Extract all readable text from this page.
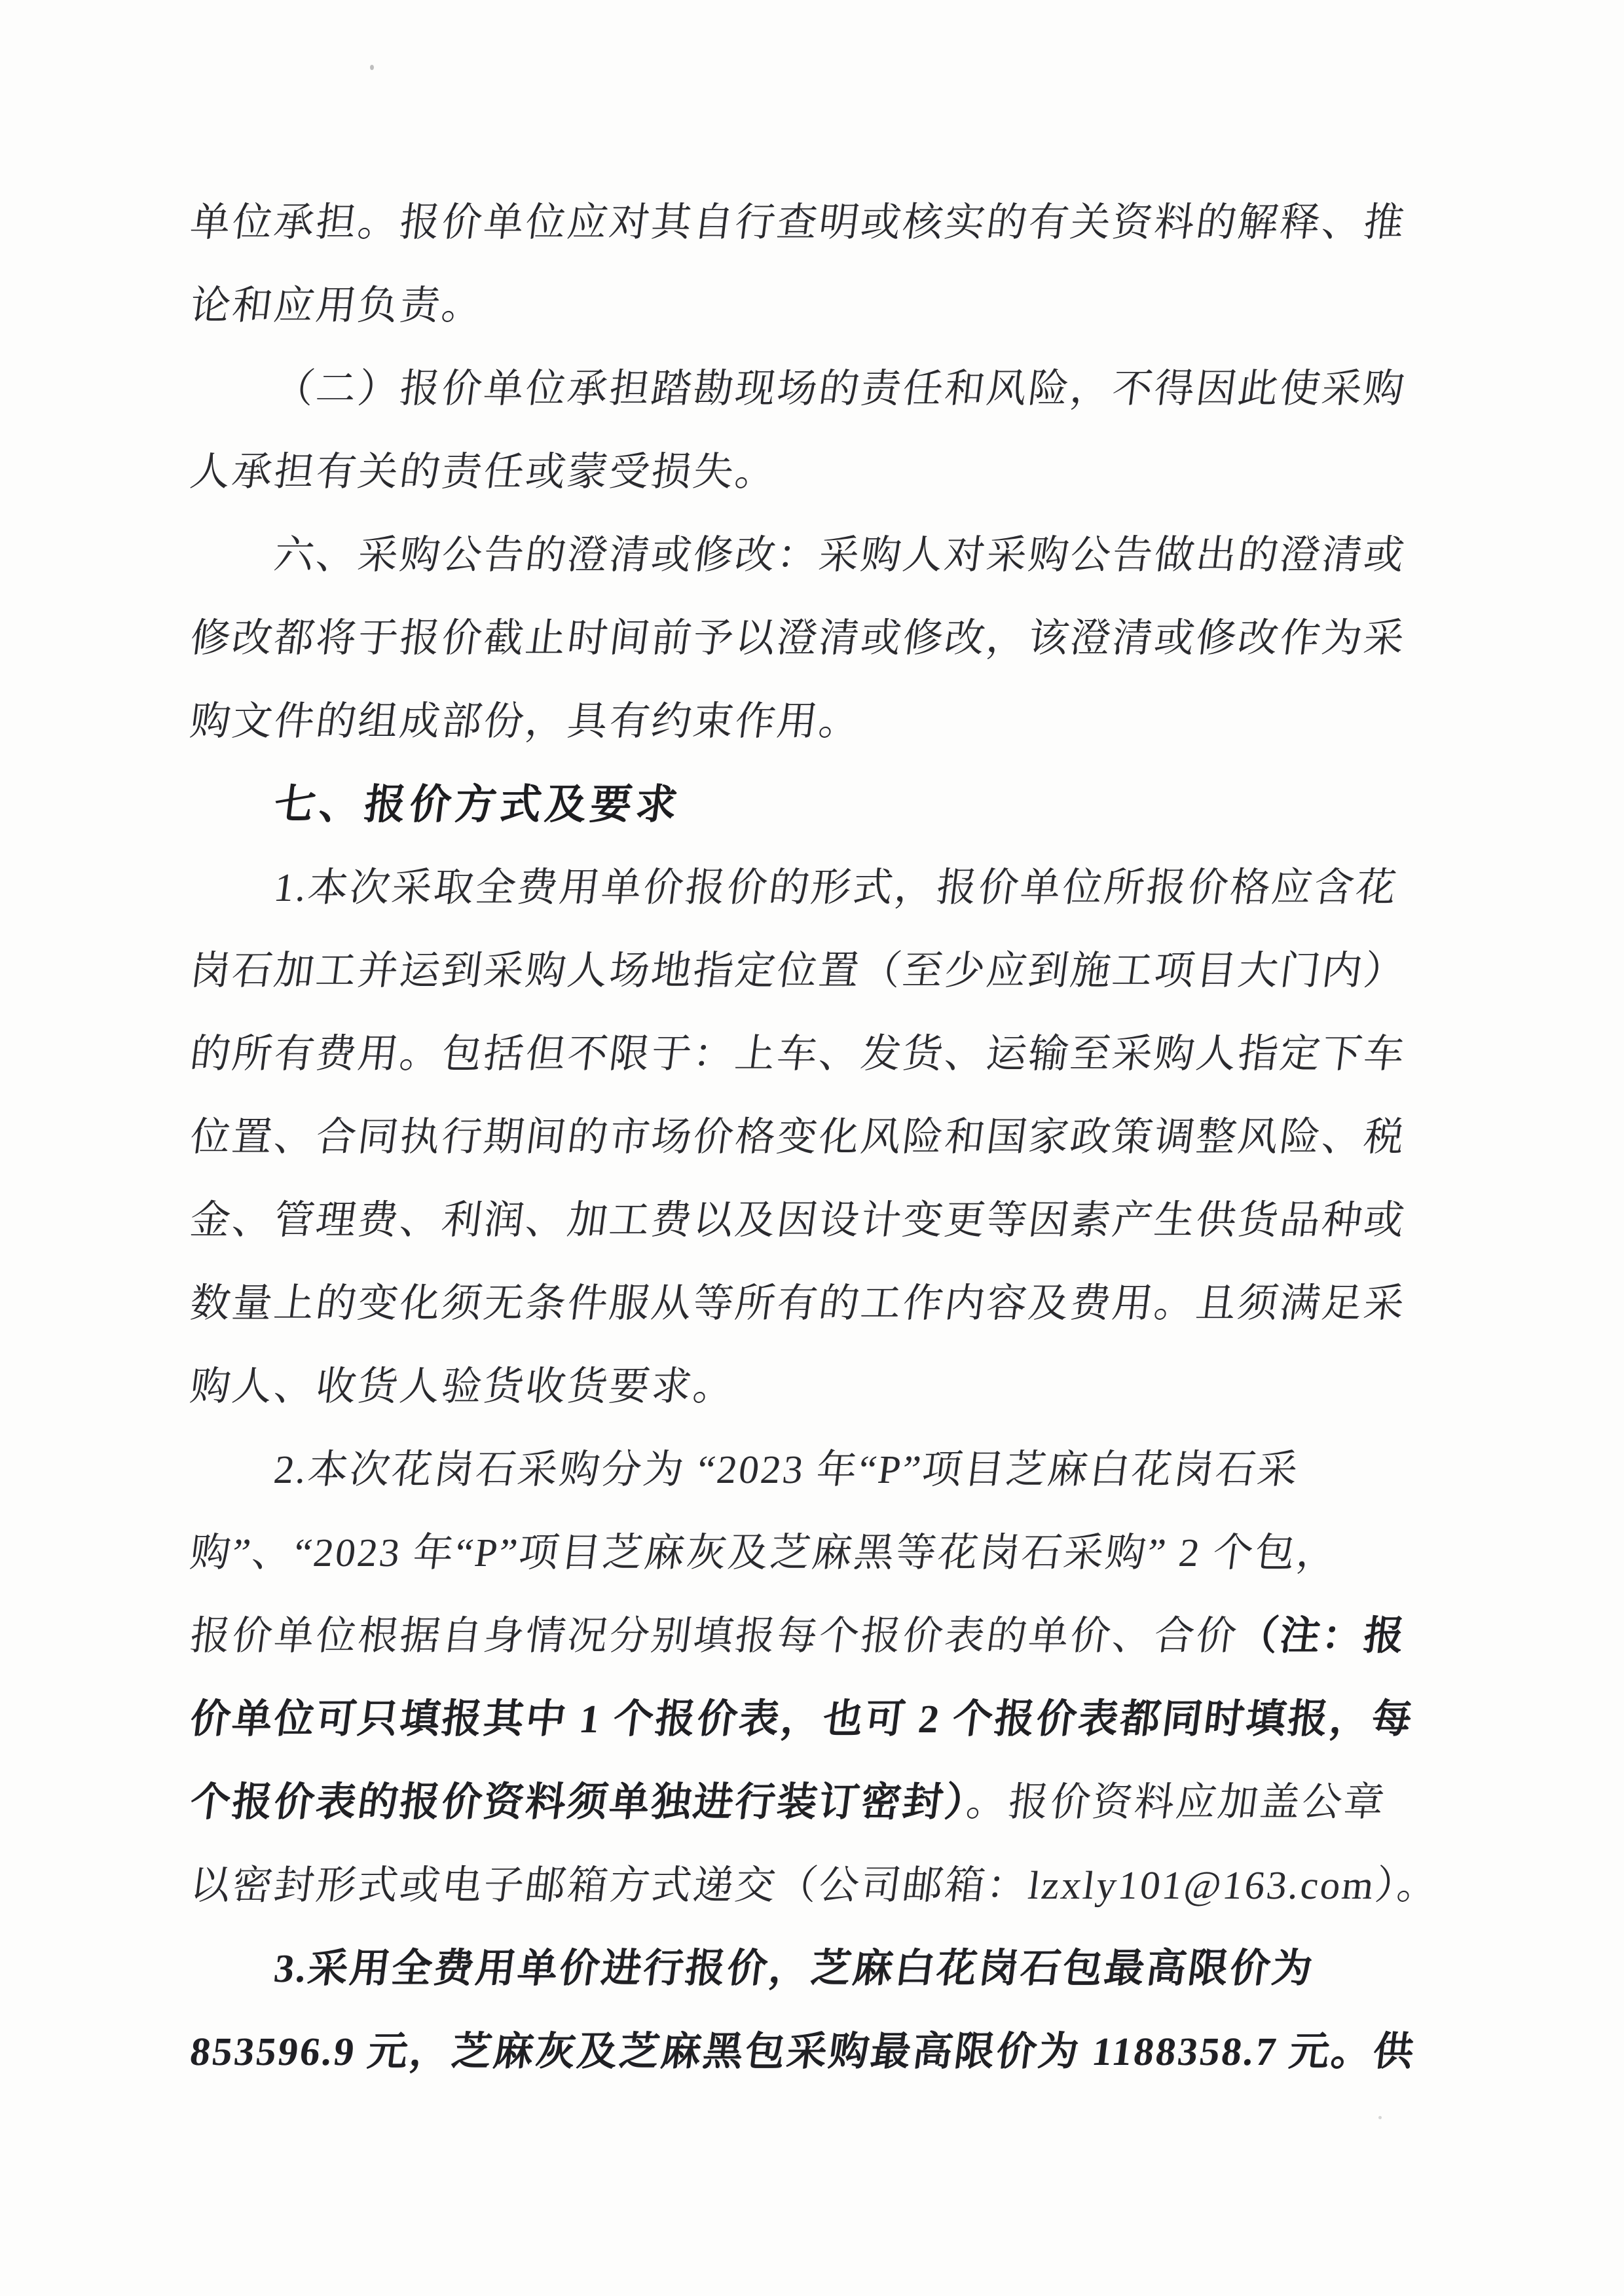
单位承担。报价单位应对其自行查明或核实的有关资料的解释、推
论和应用负责。
（二）报价单位承担踏勘现场的责任和风险，不得因此使采购
人承担有关的责任或蒙受损失。
六、采购公告的澄清或修改：采购人对采购公告做出的澄清或
修改都将于报价截止时间前予以澄清或修改，该澄清或修改作为采
购文件的组成部份，具有约束作用。
七、报价方式及要求
1.本次采取全费用单价报价的形式，报价单位所报价格应含花
岗石加工并运到采购人场地指定位置（至少应到施工项目大门内）
的所有费用。包括但不限于：上车、发货、运输至采购人指定下车
位置、合同执行期间的市场价格变化风险和国家政策调整风险、税
金、管理费、利润、加工费以及因设计变更等因素产生供货品种或
数量上的变化须无条件服从等所有的工作内容及费用。且须满足采
购人、收货人验货收货要求。
2.本次花岗石采购分为 “2023 年“P”项目芝麻白花岗石采
购”、“2023 年“P”项目芝麻灰及芝麻黑等花岗石采购” 2 个包，
报价单位根据自身情况分别填报每个报价表的单价、合价（注：报
价单位可只填报其中 1 个报价表，也可 2 个报价表都同时填报，每
个报价表的报价资料须单独进行装订密封）。报价资料应加盖公章
以密封形式或电子邮箱方式递交（公司邮箱：lzxly101@163.com）。
3.采用全费用单价进行报价，芝麻白花岗石包最高限价为
853596.9 元，芝麻灰及芝麻黑包采购最高限价为 1188358.7 元。供
